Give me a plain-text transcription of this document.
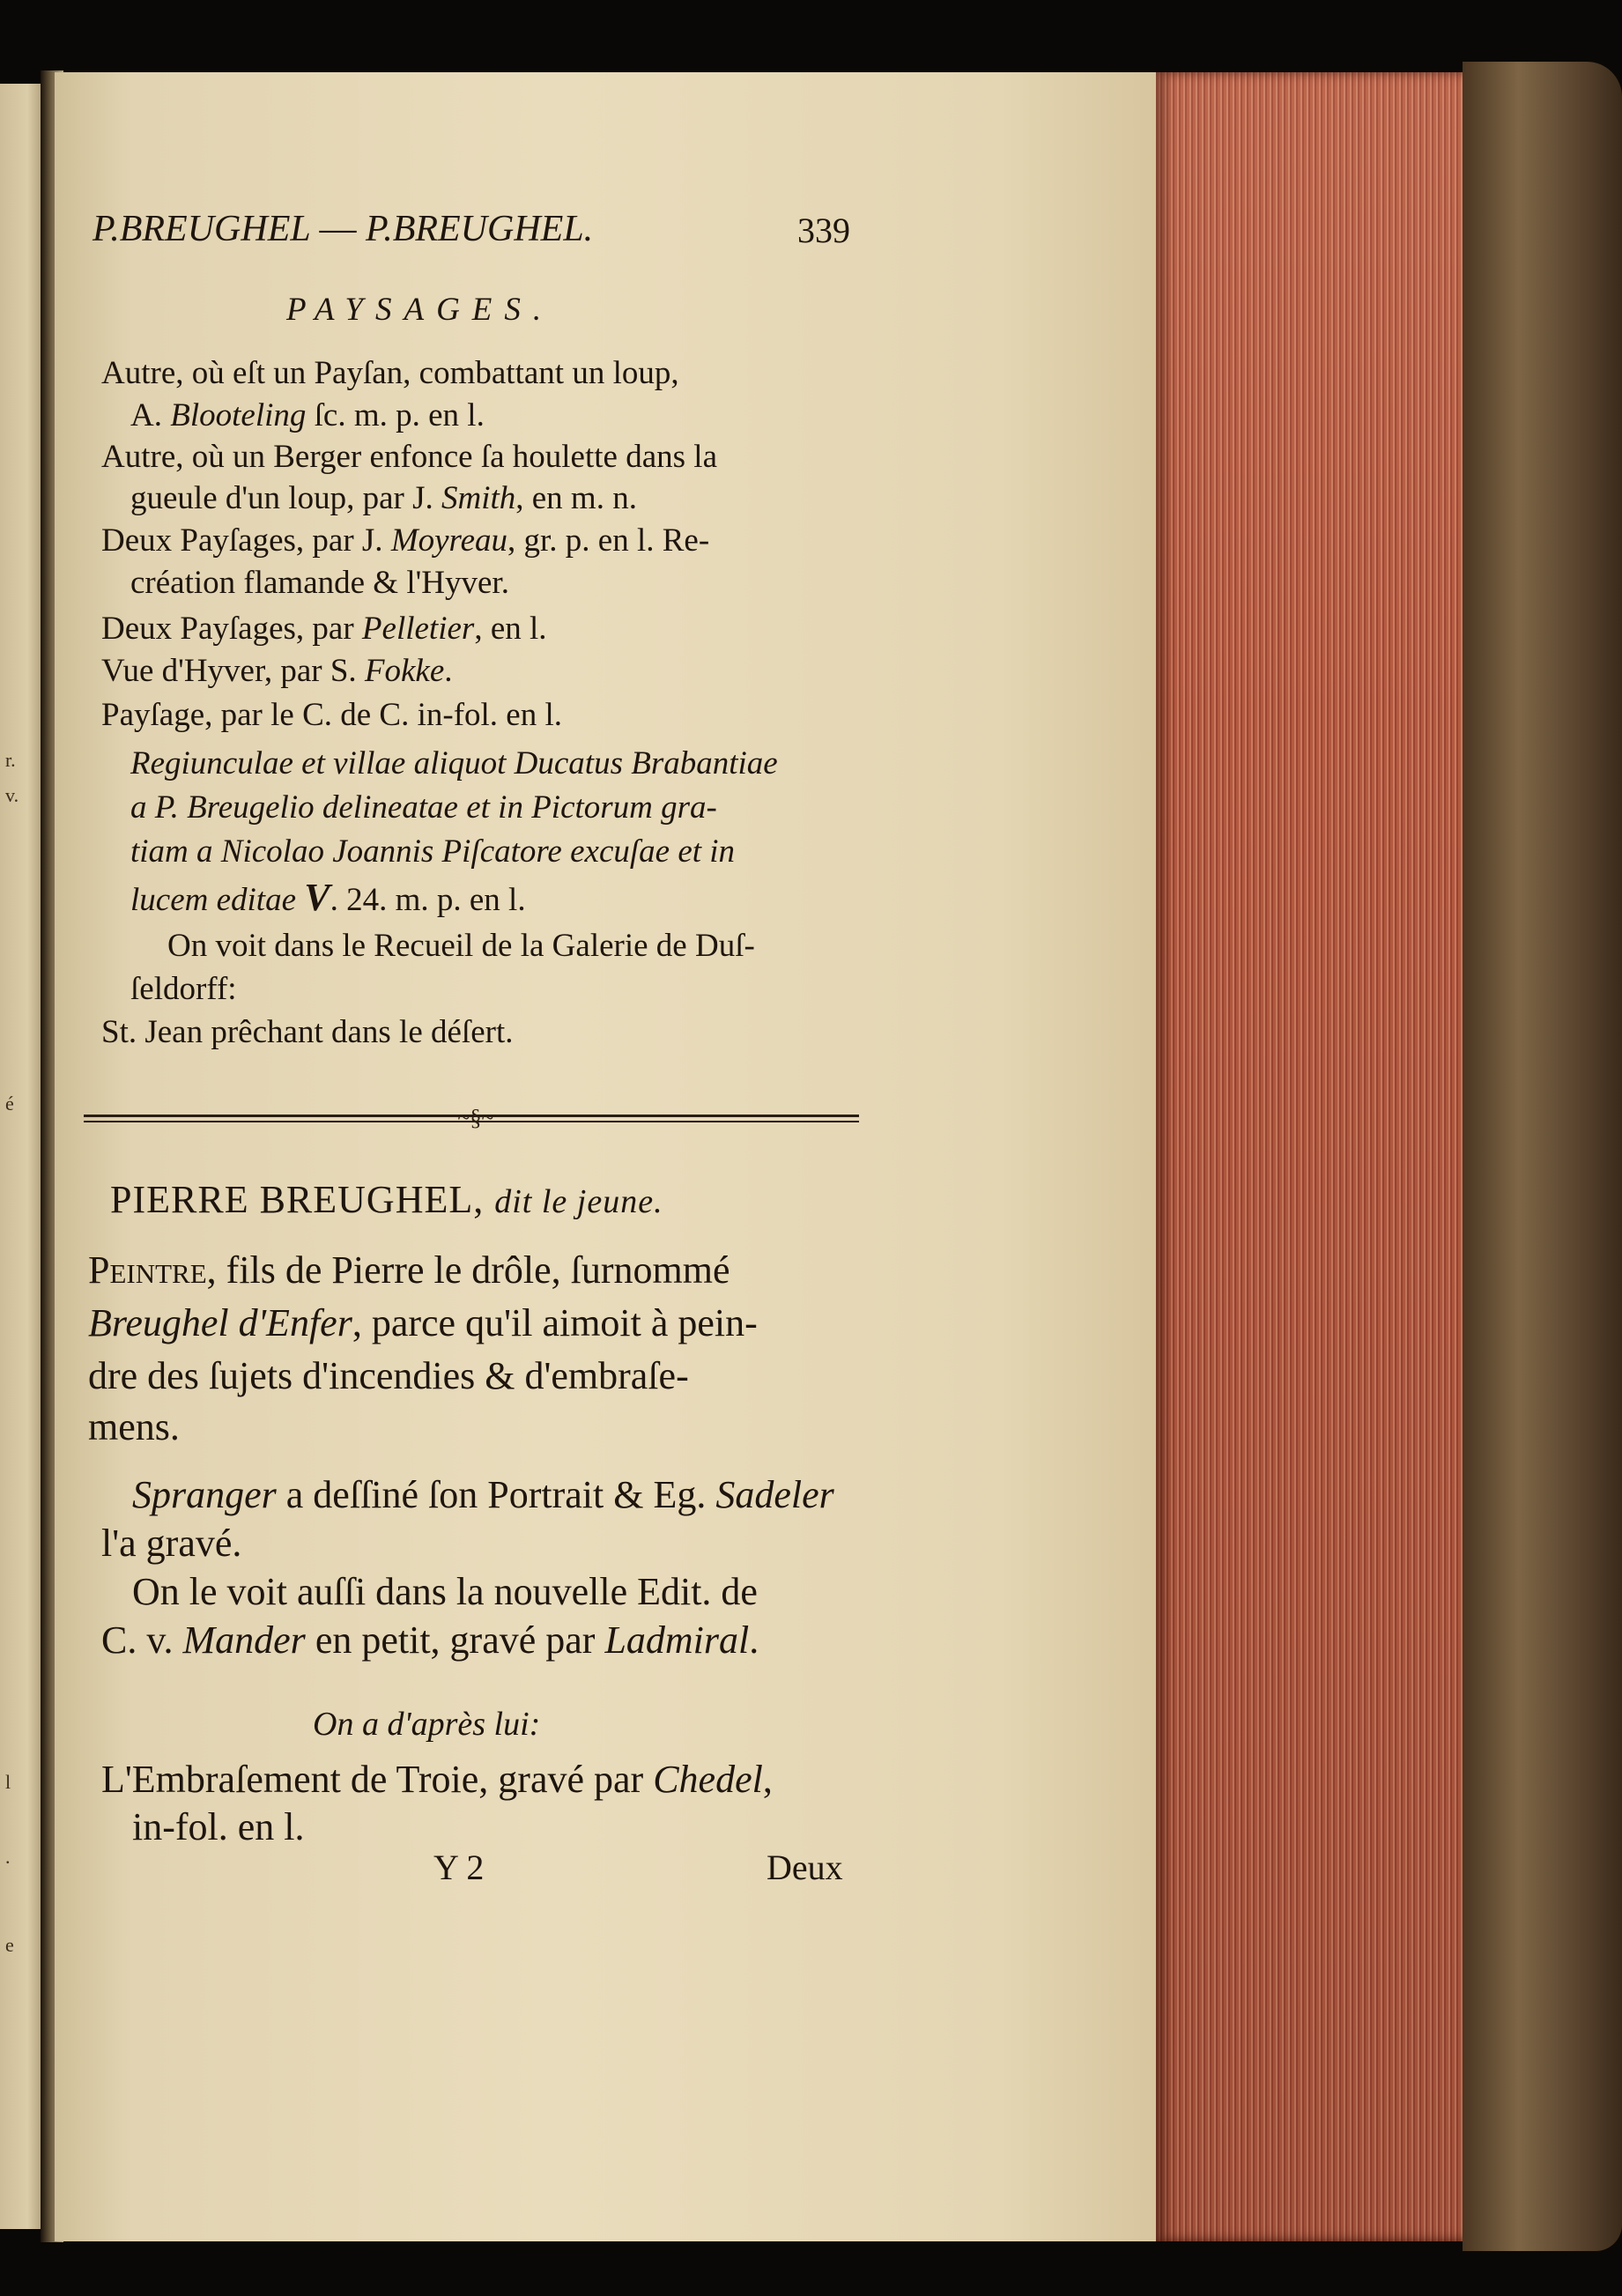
r.
v.
é
l
.
e
P.BREUGHEL — P.BREUGHEL.	339
PAYSAGES.
Autre, où eſt un Payſan, combattant un loup,
A. Blooteling ſc. m. p. en l.
Autre, où un Berger enfonce ſa houlette dans la
gueule d'un loup, par J. Smith, en m. n.
Deux Payſages, par J. Moyreau, gr. p. en l. Re-
création flamande & l'Hyver.
Deux Payſages, par Pelletier, en l.
Vue d'Hyver, par S. Fokke.
Payſage, par le C. de C. in-fol. en l.
Regiunculae et villae aliquot Ducatus Brabantiae
a P. Breugelio delineatae et in Pictorum gra-
tiam a Nicolao Joannis Piſcatore excuſae et in
lucem editae V. 24. m. p. en l.
On voit dans le Recueil de la Galerie de Duſ-
ſeldorff:
St. Jean prêchant dans le déſert.
~§~
PIERRE BREUGHEL, dit le jeune.
Peintre, fils de Pierre le drôle, ſurnommé
Breughel d'Enfer, parce qu'il aimoit à pein-
dre des ſujets d'incendies & d'embraſe-
mens.
Spranger a deſſiné ſon Portrait & Eg. Sadeler
l'a gravé.
On le voit auſſi dans la nouvelle Edit. de
C. v. Mander en petit, gravé par Ladmiral.
On a d'après lui:
L'Embraſement de Troie, gravé par Chedel,
in-fol. en l.
Y 2	Deux
